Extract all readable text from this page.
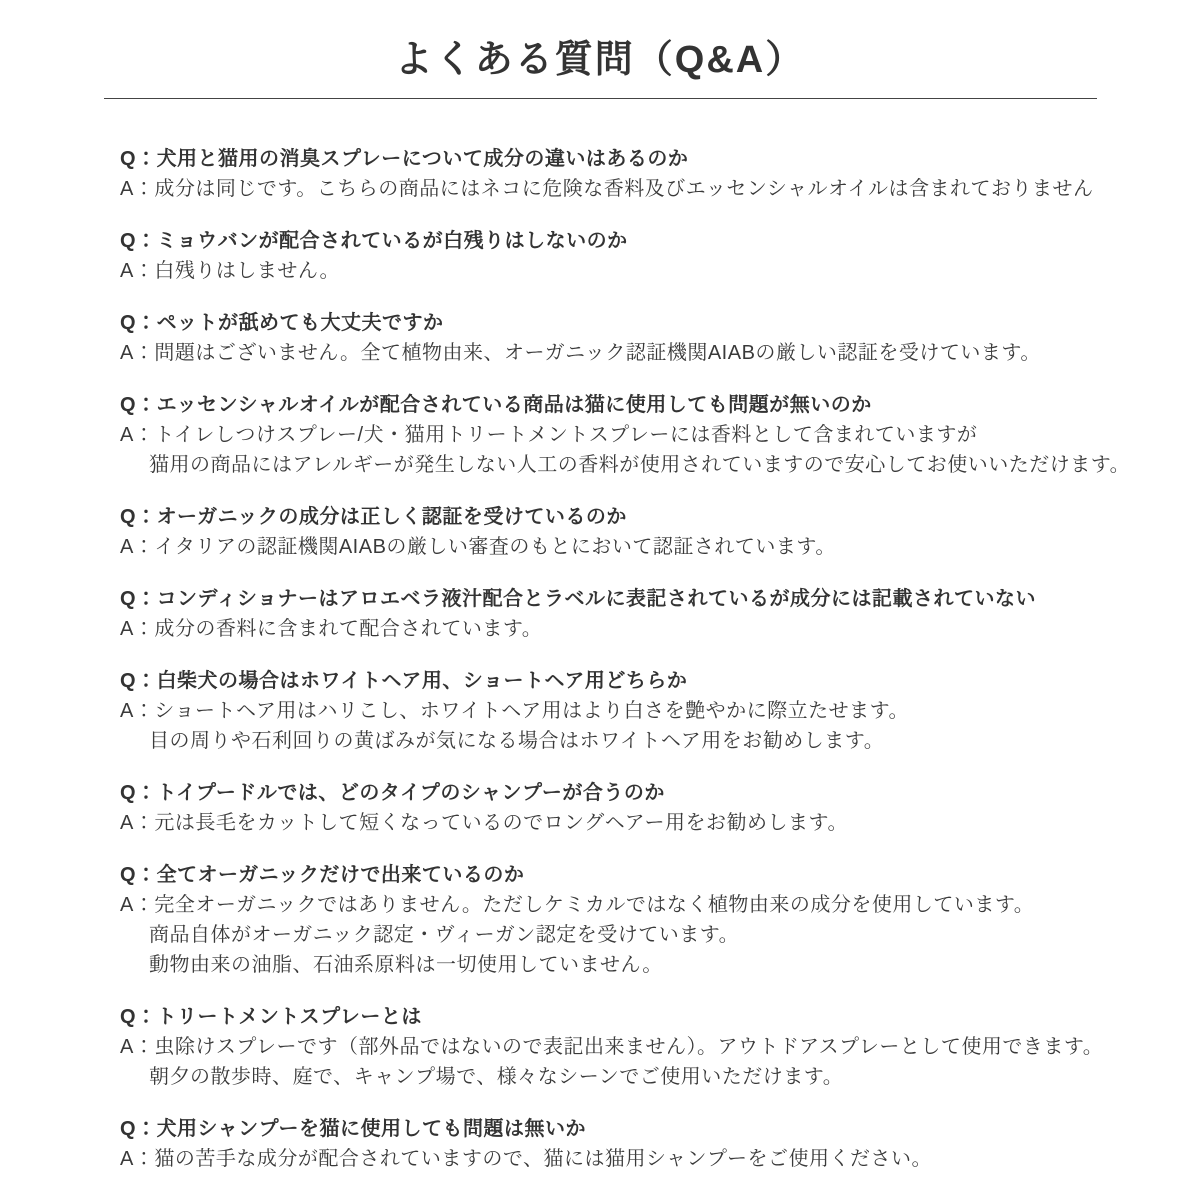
よくある質問（Q&A）
Q：犬用と猫用の消臭スプレーについて成分の違いはあるのか
A：成分は同じです。こちらの商品にはネコに危険な香料及びエッセンシャルオイルは含まれておりません
Q：ミョウバンが配合されているが白残りはしないのか
A：白残りはしません。
Q：ペットが舐めても大丈夫ですか
A：問題はございません。全て植物由来、オーガニック認証機関AIABの厳しい認証を受けています。
Q：エッセンシャルオイルが配合されている商品は猫に使用しても問題が無いのか
A：トイレしつけスプレー/犬・猫用トリートメントスプレーには香料として含まれていますが
猫用の商品にはアレルギーが発生しない人工の香料が使用されていますので安心してお使いいただけます。
Q：オーガニックの成分は正しく認証を受けているのか
A：イタリアの認証機関AIABの厳しい審査のもとにおいて認証されています。
Q：コンディショナーはアロエベラ液汁配合とラベルに表記されているが成分には記載されていない
A：成分の香料に含まれて配合されています。
Q：白柴犬の場合はホワイトヘア用、ショートヘア用どちらか
A：ショートヘア用はハリこし、ホワイトヘア用はより白さを艶やかに際立たせます。
目の周りや石利回りの黄ばみが気になる場合はホワイトヘア用をお勧めします。
Q：トイプードルでは、どのタイプのシャンプーが合うのか
A：元は長毛をカットして短くなっているのでロングヘアー用をお勧めします。
Q：全てオーガニックだけで出来ているのか
A：完全オーガニックではありません。ただしケミカルではなく植物由来の成分を使用しています。
商品自体がオーガニック認定・ヴィーガン認定を受けています。
動物由来の油脂、石油系原料は一切使用していません。
Q：トリートメントスプレーとは
A：虫除けスプレーです（部外品ではないので表記出来ません）。アウトドアスプレーとして使用できます。
朝夕の散歩時、庭で、キャンプ場で、様々なシーンでご使用いただけます。
Q：犬用シャンプーを猫に使用しても問題は無いか
A：猫の苦手な成分が配合されていますので、猫には猫用シャンプーをご使用ください。
